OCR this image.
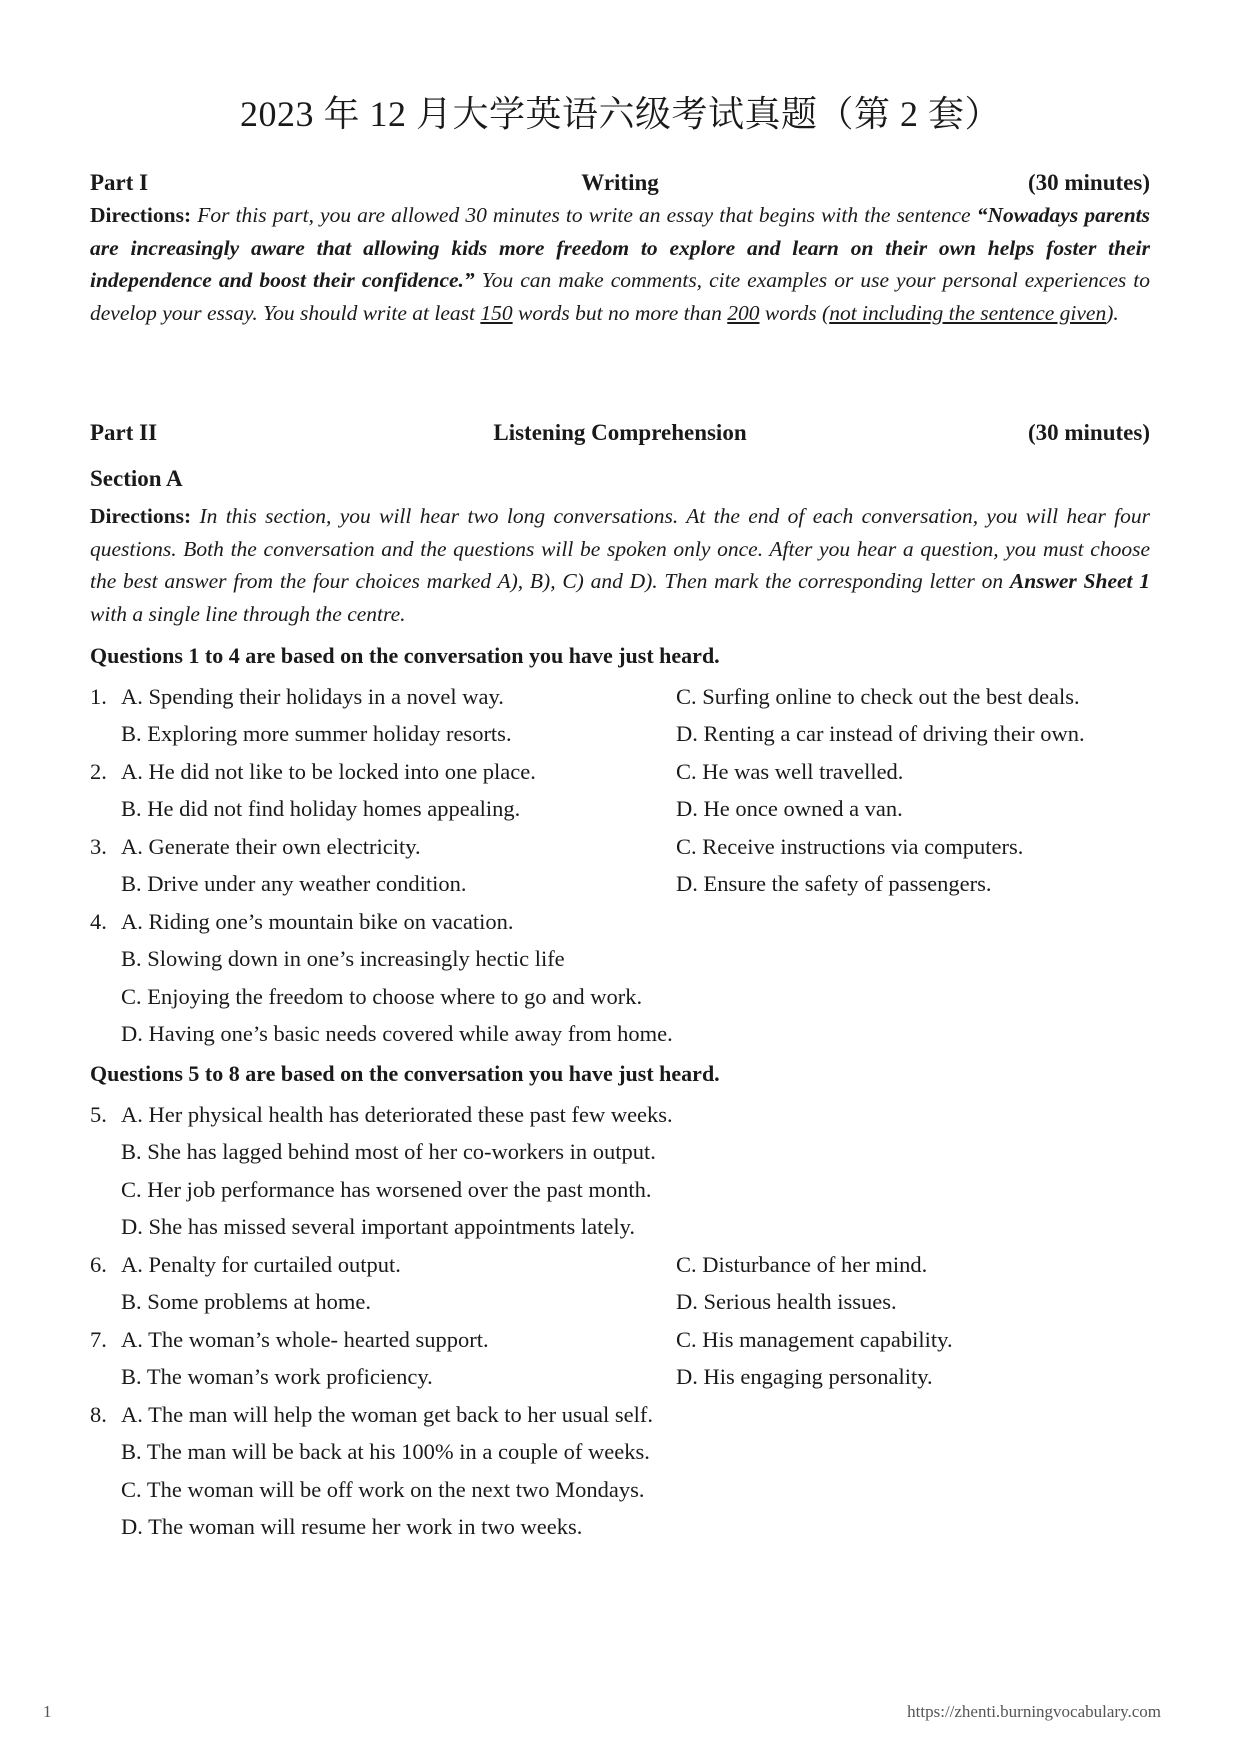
2023 年 12 月大学英语六级考试真题（第 2 套）
Writing
Part I	(30 minutes)
Directions: For this part, you are allowed 30 minutes to write an essay that begins with the sentence “Nowadays parents are increasingly aware that allowing kids more freedom to explore and learn on their own helps foster their independence and boost their confidence.” You can make comments, cite examples or use your personal experiences to develop your essay. You should write at least 150 words but no more than 200 words (not including the sentence given).
Listening Comprehension
Part II	(30 minutes)
Section A
Directions: In this section, you will hear two long conversations. At the end of each conversation, you will hear four questions. Both the conversation and the questions will be spoken only once. After you hear a question, you must choose the best answer from the four choices marked A), B), C) and D). Then mark the corresponding letter on Answer Sheet 1 with a single line through the centre.
Questions 1 to 4 are based on the conversation you have just heard.
1. A. Spending their holidays in a novel way.	C. Surfing online to check out the best deals.
B. Exploring more summer holiday resorts.	D. Renting a car instead of driving their own.
2. A. He did not like to be locked into one place.	C. He was well travelled.
B. He did not find holiday homes appealing.	D. He once owned a van.
3. A. Generate their own electricity.	C. Receive instructions via computers.
B. Drive under any weather condition.	D. Ensure the safety of passengers.
4. A. Riding one’s mountain bike on vacation.
B. Slowing down in one’s increasingly hectic life
C. Enjoying the freedom to choose where to go and work.
D. Having one’s basic needs covered while away from home.
Questions 5 to 8 are based on the conversation you have just heard.
5. A. Her physical health has deteriorated these past few weeks.
B. She has lagged behind most of her co-workers in output.
C. Her job performance has worsened over the past month.
D. She has missed several important appointments lately.
6. A. Penalty for curtailed output.	C. Disturbance of her mind.
B. Some problems at home.	D. Serious health issues.
7. A. The woman’s whole- hearted support.	C. His management capability.
B. The woman’s work proficiency.	D. His engaging personality.
8. A. The man will help the woman get back to her usual self.
B. The man will be back at his 100% in a couple of weeks.
C. The woman will be off work on the next two Mondays.
D. The woman will resume her work in two weeks.
1	https://zhenti.burningvocabulary.com
